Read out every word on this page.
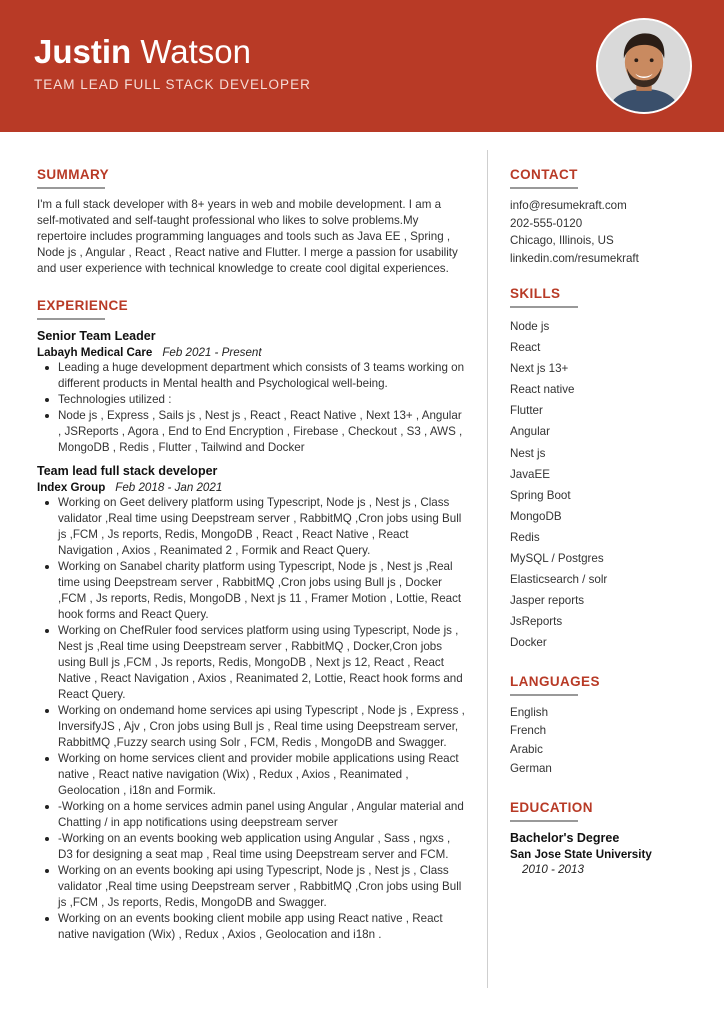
Justin Watson
TEAM LEAD FULL STACK DEVELOPER
SUMMARY

I'm a full stack developer with 8+ years in web and mobile development. I am a self-motivated and self-taught professional who likes to solve problems.My repertoire includes programming languages and tools such as Java EE , Spring , Node js , Angular , React , React native and Flutter. I merge a passion for usability and user experience with technical knowledge to create cool digital experiences.

EXPERIENCE
Senior Team Leader
Labayh Medical Care Feb 2021 - Present
Leading a huge development department which consists of 3 teams working on different products in Mental health and Psychological well-being.
Technologies utilized :
Node js , Express , Sails js , Nest js , React , React Native , Next 13+ , Angular , JSReports , Agora , End to End Encryption , Firebase , Checkout , S3 , AWS , MongoDB , Redis , Flutter , Tailwind and Docker
Team lead full stack developer
Index Group Feb 2018 - Jan 2021
Working on Geet delivery platform using Typescript, Node js , Nest js , Class validator ,Real time using Deepstream server , RabbitMQ ,Cron jobs using Bull js ,FCM , Js reports, Redis, MongoDB , React , React Native , React Navigation , Axios , Reanimated 2 , Formik and React Query.
Working on Sanabel charity platform using Typescript, Node js , Nest js ,Real time using Deepstream server , RabbitMQ ,Cron jobs using Bull js , Docker ,FCM , Js reports, Redis, MongoDB , Next js 11 , Framer Motion , Lottie, React hook forms and React Query.
Working on ChefRuler food services platform using using Typescript, Node js , Nest js ,Real time using Deepstream server , RabbitMQ , Docker,Cron jobs using Bull js ,FCM , Js reports, Redis, MongoDB , Next js 12, React , React Native , React Navigation , Axios , Reanimated 2, Lottie, React hook forms and React Query.
Working on ondemand home services api using Typescript , Node js , Express , InversifyJS , Ajv , Cron jobs using Bull js , Real time using Deepstream server, RabbitMQ ,Fuzzy search using Solr , FCM, Redis , MongoDB and Swagger.
Working on home services client and provider mobile applications using React native , React native navigation (Wix) , Redux , Axios , Reanimated , Geolocation , i18n and Formik.
-Working on a home services admin panel using Angular , Angular material and Chatting / in app notifications using deepstream server
-Working on an events booking web application using Angular , Sass , ngxs , D3 for designing a seat map , Real time using Deepstream server and FCM.
Working on an events booking api using Typescript, Node js , Nest js , Class validator ,Real time using Deepstream server , RabbitMQ ,Cron jobs using Bull js ,FCM , Js reports, Redis, MongoDB and Swagger.
Working on an events booking client mobile app using React native , React native navigation (Wix) , Redux , Axios , Geolocation and i18n .
CONTACT
info@resumekraft.com
202-555-0120
Chicago, Illinois, US
linkedin.com/resumekraft
SKILLS
Node js
React
Next js 13+
React native
Flutter
Angular
Nest js
JavaEE
Spring Boot
MongoDB
Redis
MySQL / Postgres
Elasticsearch / solr
Jasper reports
JsReports
Docker
LANGUAGES
English
French
Arabic
German
EDUCATION
Bachelor's Degree
San Jose State University
2010 - 2013
